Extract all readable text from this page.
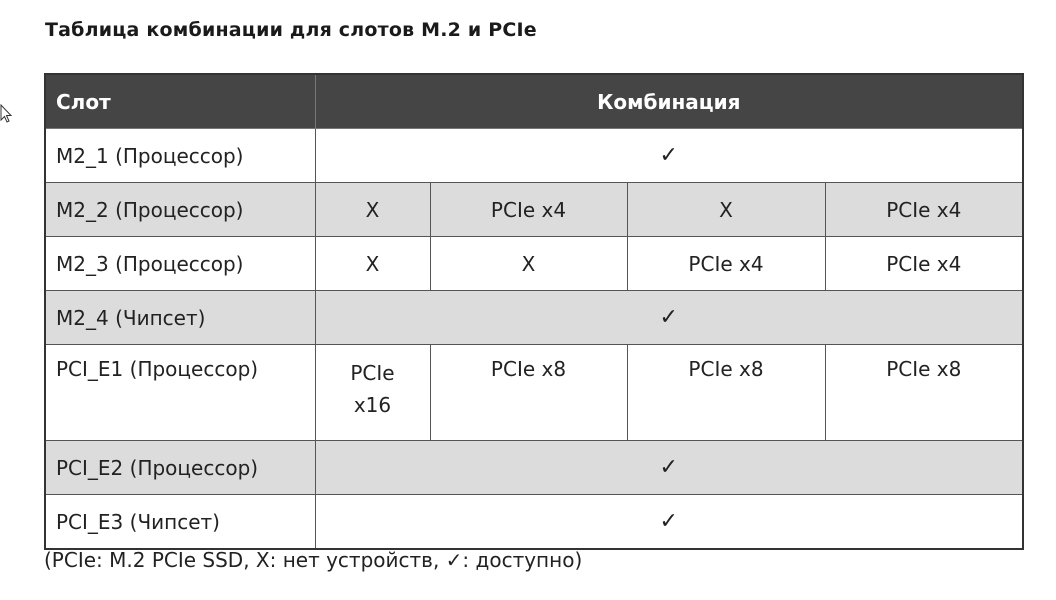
Таблица комбинации для слотов M.2 и PCIe
Слот	Комбинация			
M2_1 (Процессор)	✓			
M2_2 (Процессор)	X	PCIe x4	X	PCIe x4
M2_3 (Процессор)	X	X	PCIe x4	PCIe x4
M2_4 (Чипсет)	✓			
PCI_E1 (Процессор)	PCIe x16	PCIe x8	PCIe x8	PCIe x8
PCI_E2 (Процессор)	✓			
PCI_E3 (Чипсет)	✓			
(PCIe: M.2 PCIe SSD, X: нет устройств, ✓: доступно)
